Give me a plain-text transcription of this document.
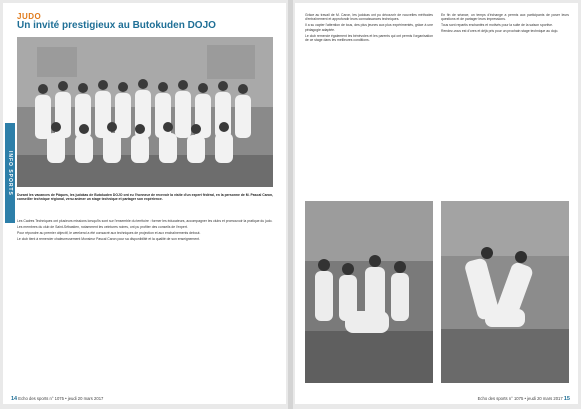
JUDO
Un invité prestigieux au Butokuden DOJO
INFO SPORTS Durant les vacances de Pâques, les judokas de Butokuden DOJO ont eu l'honneur de recevoir la visite d'un expert fédéral, en la personne de M. Pascal Caron, conseiller technique régional, venu animer un stage technique et partager son expérience.

Les Cadres Techniques ont plusieurs missions lorsqu'ils sont sur l'ensemble du territoire : former les éducateurs, accompagner les clubs et promouvoir la pratique du judo.

Les membres du club de Saint-Sébastien, notamment les ceintures noires, ont pu profiter des conseils de l'expert.

Pour répondre au premier objectif, le weekend a été consacré aux techniques de projection et aux enchaînements debout.

Le club tient à remercier chaleureusement Monsieur Pascal Caron pour sa disponibilité et la qualité de son enseignement.

14 Echo des sports n° 1075 • jeudi 20 mars 2017

Grâce au travail de M. Caron, les judokas ont pu découvrir de nouvelles méthodes d'entraînement et approfondir leurs connaissances techniques.

Il a su capter l'attention de tous, des plus jeunes aux plus expérimentés, grâce à une pédagogie adaptée.

Le club remercie également les bénévoles et les parents qui ont permis l'organisation de ce stage dans les meilleures conditions.

En fin de séance, un temps d'échange a permis aux participants de poser leurs questions et de partager leurs impressions.

Tous sont repartis enchantés et motivés pour la suite de la saison sportive.

Rendez-vous est d'ores et déjà pris pour un prochain stage technique au dojo.

Echo des sports n° 1075 • jeudi 20 mars 2017 15
